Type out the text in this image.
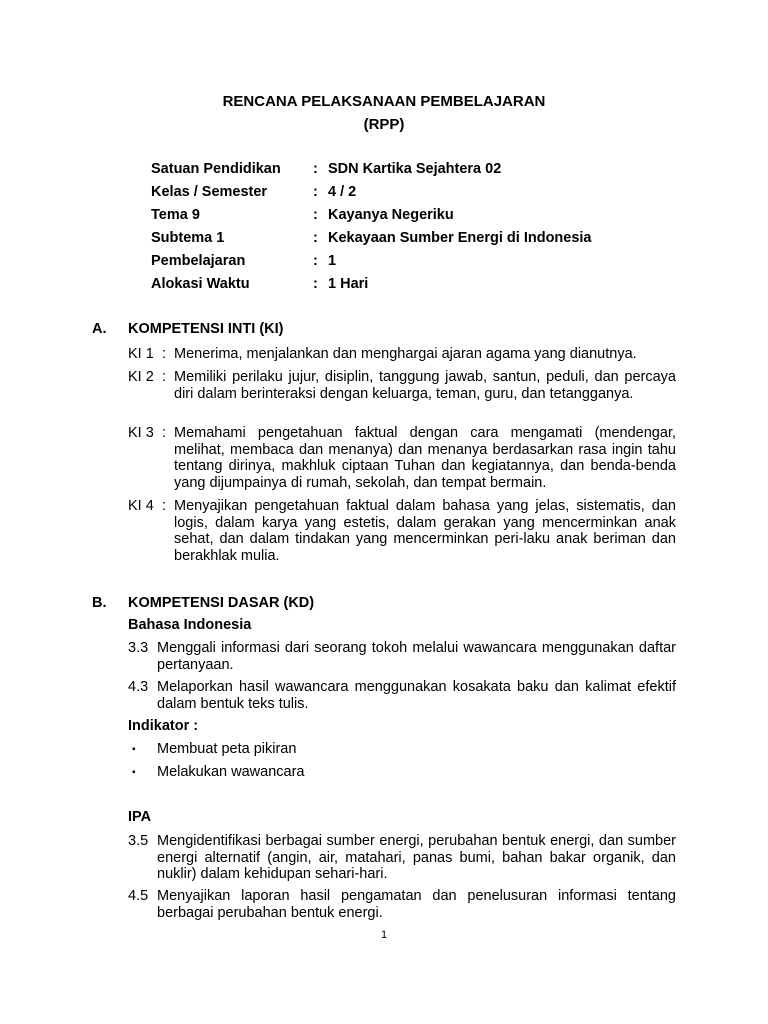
RENCANA PELAKSANAAN PEMBELAJARAN
(RPP)
Satuan Pendidikan : SDN Kartika Sejahtera 02
Kelas / Semester	: 4 / 2
Tema 9	: Kayanya Negeriku
Subtema 1	: Kekayaan Sumber Energi di Indonesia
Pembelajaran	: 1
Alokasi Waktu	: 1 Hari
A. KOMPETENSI INTI (KI)
KI 1 : Menerima, menjalankan dan menghargai ajaran agama yang dianutnya.
KI 2 : Memiliki perilaku jujur, disiplin, tanggung jawab, santun, peduli, dan percaya diri dalam berinteraksi dengan keluarga, teman, guru, dan tetangganya.
KI 3 : Memahami pengetahuan faktual dengan cara mengamati (mendengar, melihat, membaca dan menanya) dan menanya berdasarkan rasa ingin tahu tentang dirinya, makhluk ciptaan Tuhan dan kegiatannya, dan benda-benda yang dijumpainya di rumah, sekolah, dan tempat bermain.
KI 4 : Menyajikan pengetahuan faktual dalam bahasa yang jelas, sistematis, dan logis, dalam karya yang estetis, dalam gerakan yang mencerminkan anak sehat, dan dalam tindakan yang mencerminkan peri-laku anak beriman dan berakhlak mulia.
B. KOMPETENSI DASAR (KD)
Bahasa Indonesia
3.3 Menggali informasi dari seorang tokoh melalui wawancara menggunakan daftar pertanyaan.
4.3 Melaporkan hasil wawancara menggunakan kosakata baku dan kalimat efektif dalam bentuk teks tulis.
Indikator :
▪ Membuat peta pikiran
▪ Melakukan wawancara
IPA
3.5 Mengidentifikasi berbagai sumber energi, perubahan bentuk energi, dan sumber energi alternatif (angin, air, matahari, panas bumi, bahan bakar organik, dan nuklir) dalam kehidupan sehari-hari.
4.5 Menyajikan laporan hasil pengamatan dan penelusuran informasi tentang berbagai perubahan bentuk energi.
1
